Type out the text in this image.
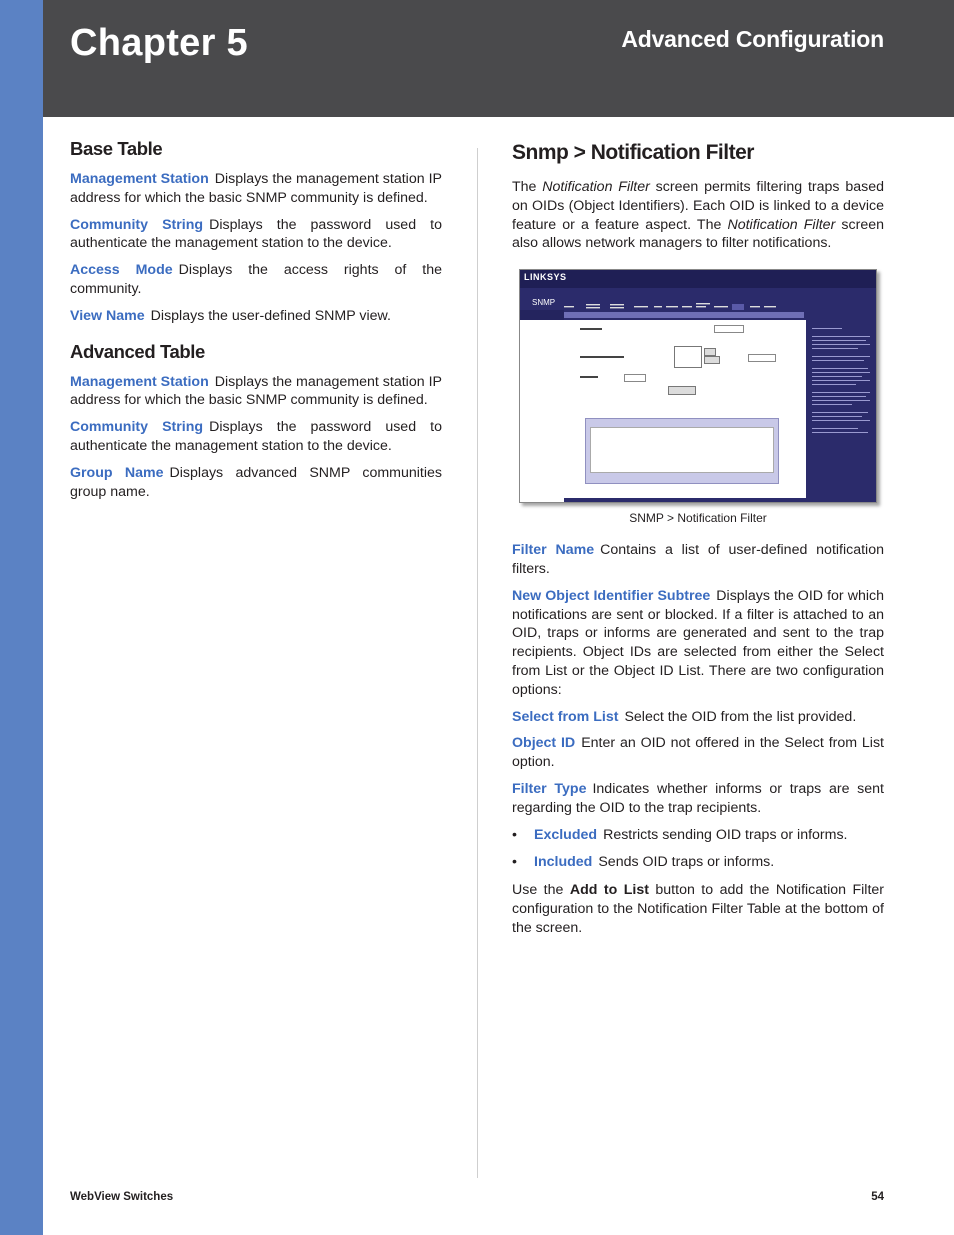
Chapter 5	Advanced Configuration
Base Table

Management Station Displays the management station IP address for which the basic SNMP community is defined.

Community String Displays the password used to authenticate the management station to the device.

Access Mode Displays the access rights of the community.

View Name Displays the user-defined SNMP view.

Advanced Table

Management Station Displays the management station IP address for which the basic SNMP community is defined.

Community String Displays the password used to authenticate the management station to the device.

Group Name Displays advanced SNMP communities group name.

Snmp > Notification Filter

The Notification Filter screen permits filtering traps based on OIDs (Object Identifiers). Each OID is linked to a device feature or a feature aspect. The Notification Filter screen also allows network managers to filter notifications.

LINKSYS
SNMP
SNMP > Notification Filter

Filter Name Contains a list of user-defined notification filters.

New Object Identifier Subtree Displays the OID for which notifications are sent or blocked. If a filter is attached to an OID, traps or informs are generated and sent to the trap recipients. Object IDs are selected from either the Select from List or the Object ID List. There are two configuration options:

Select from List Select the OID from the list provided.

Object ID Enter an OID not offered in the Select from List option.

Filter Type Indicates whether informs or traps are sent regarding the OID to the trap recipients.

• Excluded Restricts sending OID traps or informs.
• Included Sends OID traps or informs.

Use the Add to List button to add the Notification Filter configuration to the Notification Filter Table at the bottom of the screen.

WebView Switches	54
